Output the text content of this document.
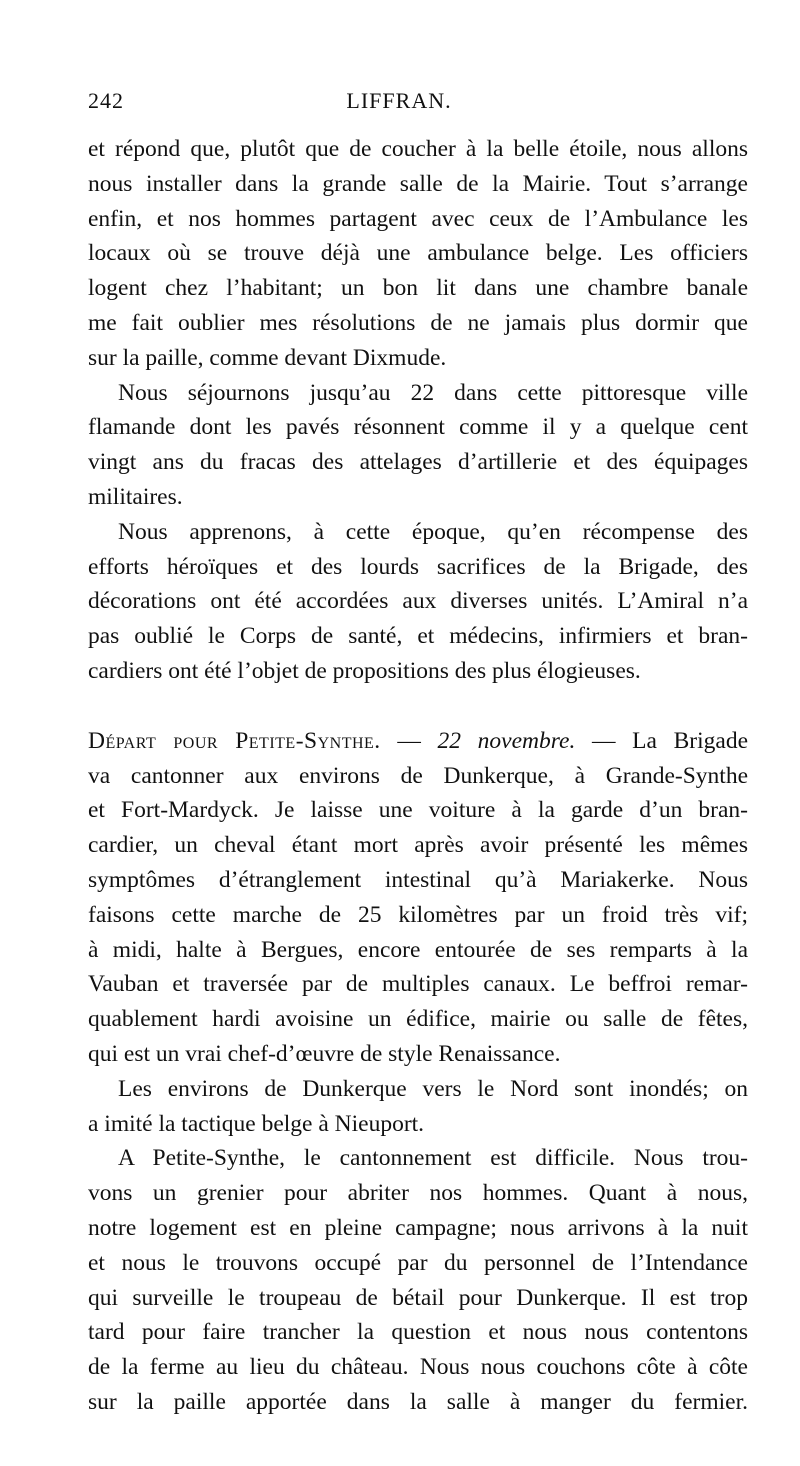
242	LIFFRAN.

et répond que, plutôt que de coucher à la belle étoile, nous allons
nous installer dans la grande salle de la Mairie. Tout s’arrange
enfin, et nos hommes partagent avec ceux de l’Ambulance les
locaux où se trouve déjà une ambulance belge. Les officiers
logent chez l’habitant; un bon lit dans une chambre banale
me fait oublier mes résolutions de ne jamais plus dormir que
sur la paille, comme devant Dixmude.

Nous séjournons jusqu’au 22 dans cette pittoresque ville
flamande dont les pavés résonnent comme il y a quelque cent
vingt ans du fracas des attelages d’artillerie et des équipages
militaires.

Nous apprenons, à cette époque, qu’en récompense des
efforts héroïques et des lourds sacrifices de la Brigade, des
décorations ont été accordées aux diverses unités. L’Amiral n’a
pas oublié le Corps de santé, et médecins, infirmiers et bran-
cardiers ont été l’objet de propositions des plus élogieuses.

Départ pour Petite-Synthe. — 22 novembre. — La Brigade
va cantonner aux environs de Dunkerque, à Grande-Synthe
et Fort-Mardyck. Je laisse une voiture à la garde d’un bran-
cardier, un cheval étant mort après avoir présenté les mêmes
symptômes d’étranglement intestinal qu’à Mariakerke. Nous
faisons cette marche de 25 kilomètres par un froid très vif;
à midi, halte à Bergues, encore entourée de ses remparts à la
Vauban et traversée par de multiples canaux. Le beffroi remar-
quablement hardi avoisine un édifice, mairie ou salle de fêtes,
qui est un vrai chef-d’œuvre de style Renaissance.

Les environs de Dunkerque vers le Nord sont inondés; on
a imité la tactique belge à Nieuport.

A Petite-Synthe, le cantonnement est difficile. Nous trou-
vons un grenier pour abriter nos hommes. Quant à nous,
notre logement est en pleine campagne; nous arrivons à la nuit
et nous le trouvons occupé par du personnel de l’Intendance
qui surveille le troupeau de bétail pour Dunkerque. Il est trop
tard pour faire trancher la question et nous nous contentons
de la ferme au lieu du château. Nous nous couchons côte à côte
sur la paille apportée dans la salle à manger du fermier.
